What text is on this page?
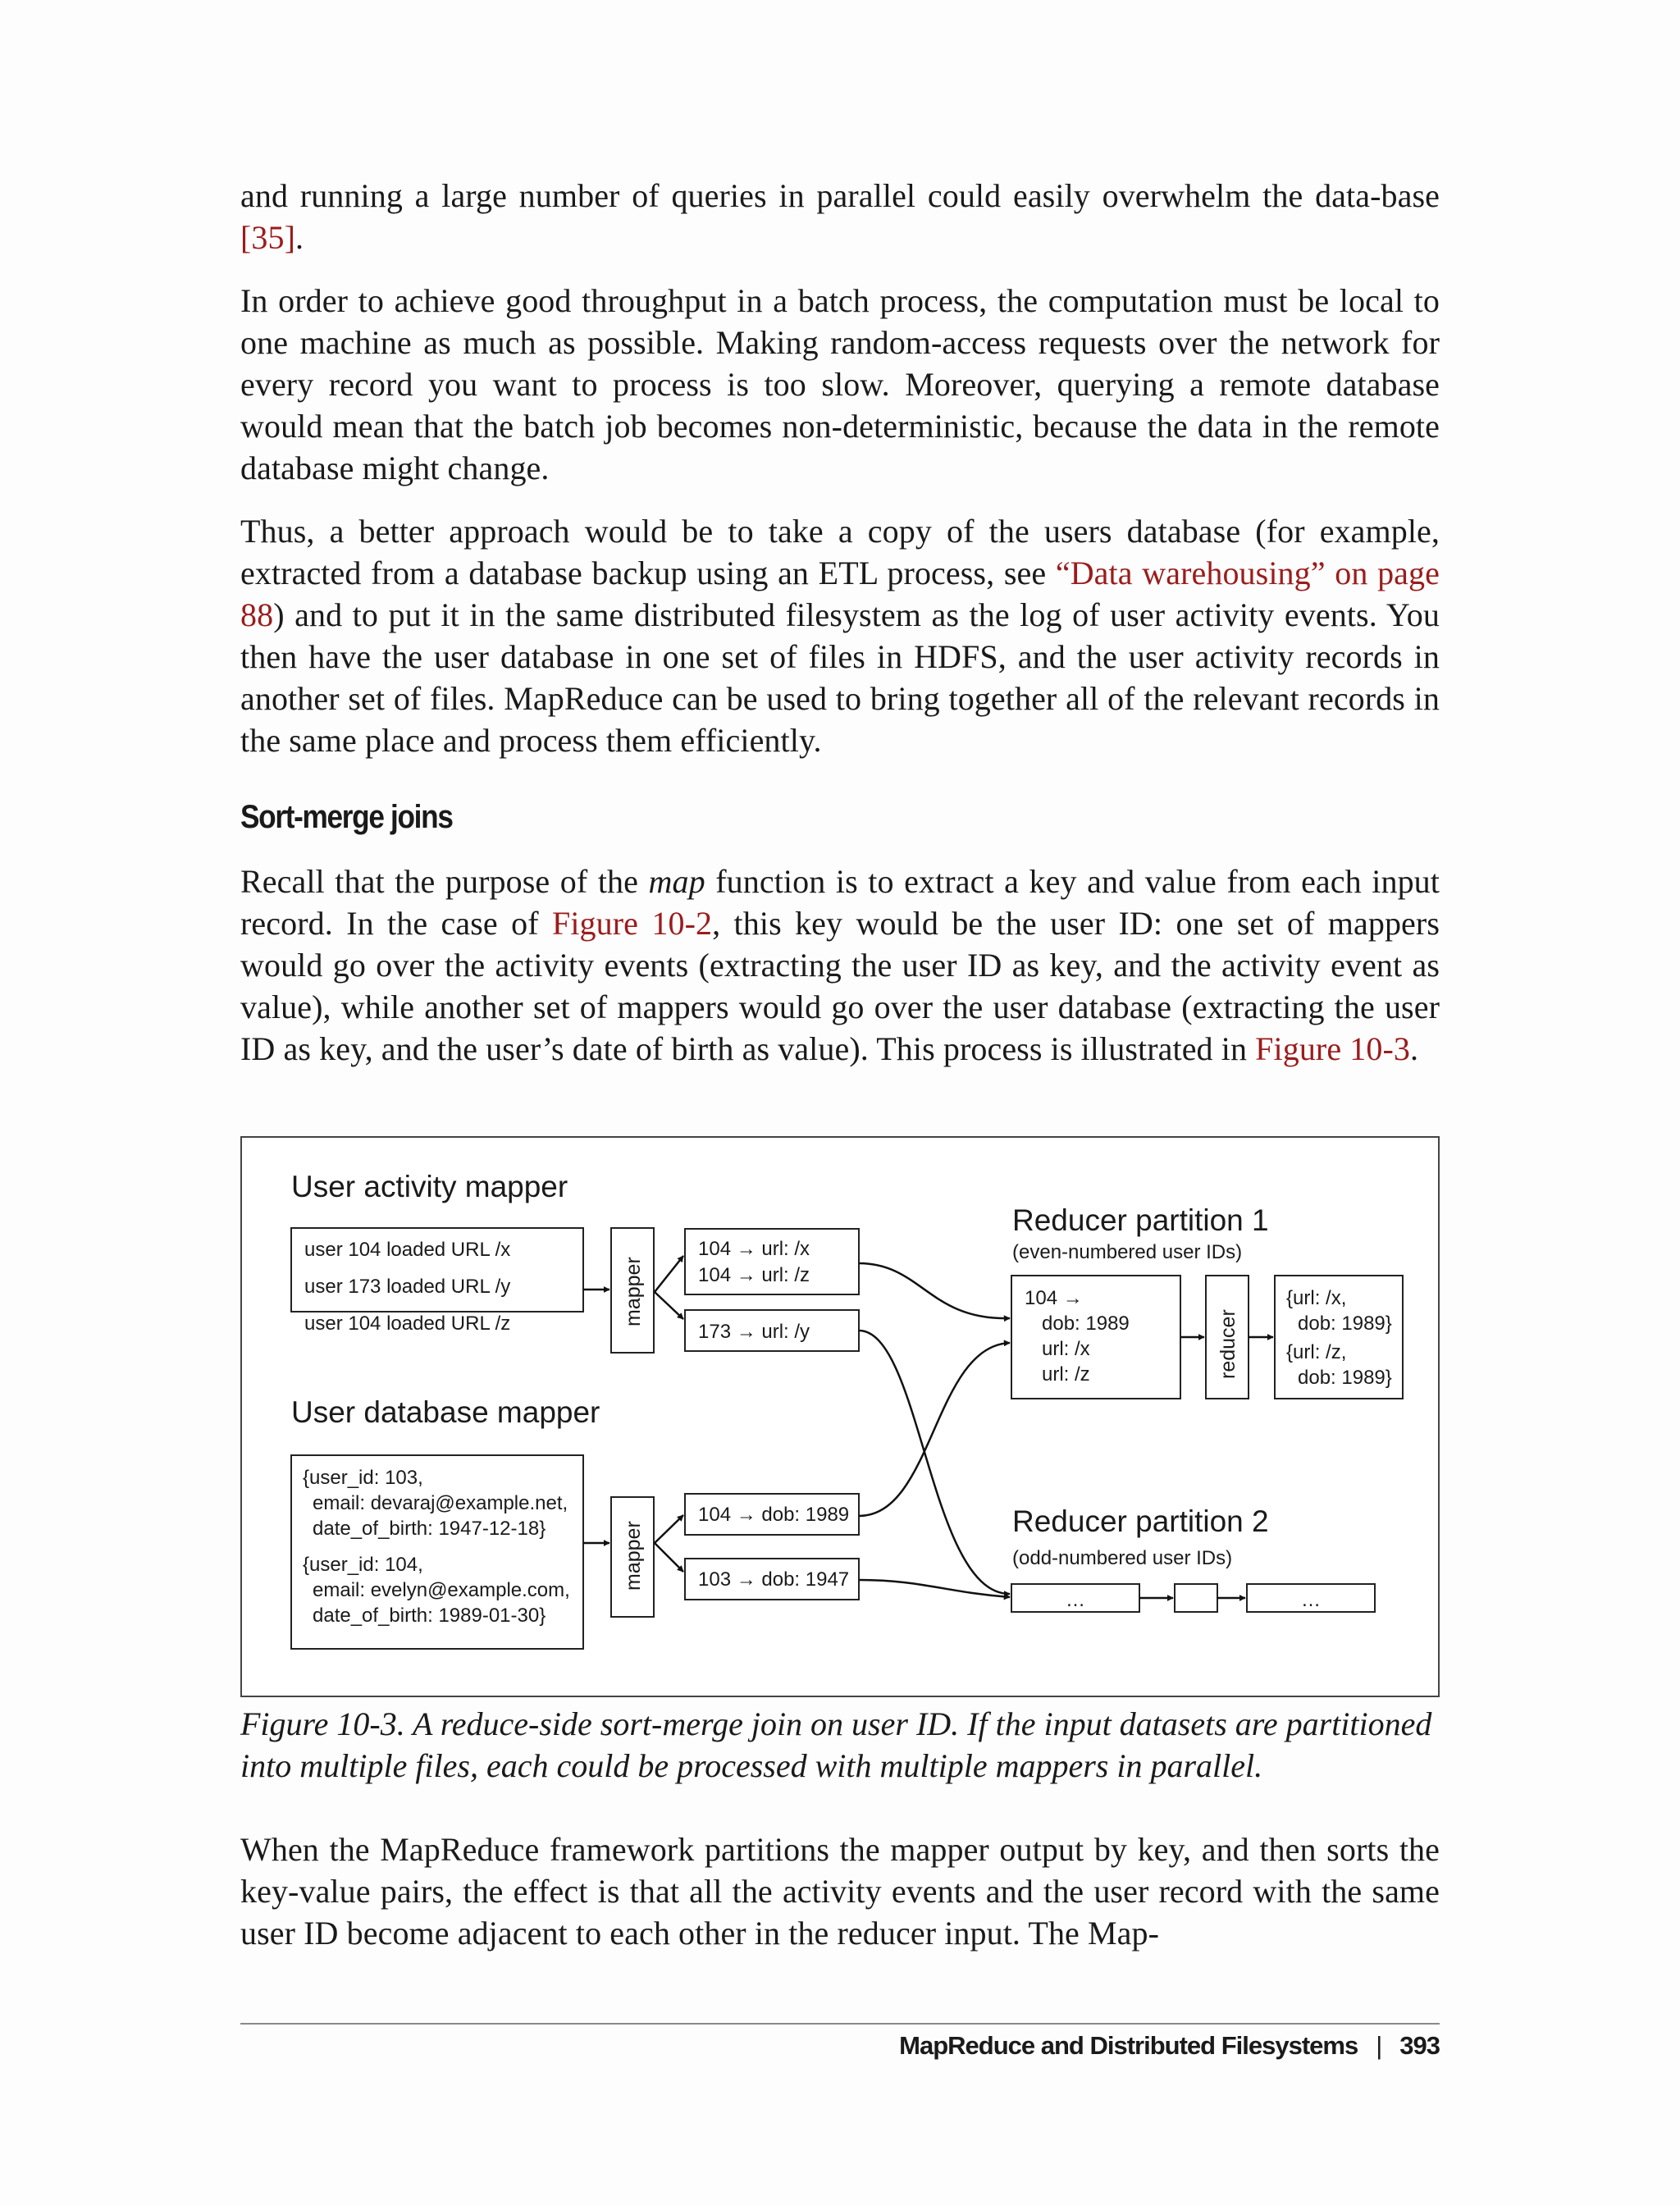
and running a large number of queries in parallel could easily overwhelm the data-base [35].

In order to achieve good throughput in a batch process, the computation must be local to one machine as much as possible. Making random-access requests over the network for every record you want to process is too slow. Moreover, querying a remote database would mean that the batch job becomes non-deterministic, because the data in the remote database might change.

Thus, a better approach would be to take a copy of the users database (for example, extracted from a database backup using an ETL process, see “Data warehousing” on page 88) and to put it in the same distributed filesystem as the log of user activity events. You then have the user database in one set of files in HDFS, and the user activity records in another set of files. MapReduce can be used to bring together all of the relevant records in the same place and process them efficiently.

Sort-merge joins

Recall that the purpose of the map function is to extract a key and value from each input record. In the case of Figure 10-2, this key would be the user ID: one set of mappers would go over the activity events (extracting the user ID as key, and the activity event as value), while another set of mappers would go over the user database (extracting the user ID as key, and the user’s date of birth as value). This process is illustrated in Figure 10-3.

User activity mapper
user 104 loaded URL /x
user 173 loaded URL /y
user 104 loaded URL /z	mapper
104 → url: /x
104 → url: /z
173 → url: /y
User database mapper
{user_id: 103,
email: devaraj@example.net,
date_of_birth: 1947-12-18}
{user_id: 104,
email: evelyn@example.com,
date_of_birth: 1989-01-30}
mapper
104 → dob: 1989
103 → dob: 1947
Reducer partition 1
(even-numbered user IDs)
104 →
dob: 1989
url: /x
url: /z	reducer
{url: /x,
dob: 1989}
{url: /z,
dob: 1989}
Reducer partition 2
(odd-numbered user IDs)
…	…

Figure 10-3. A reduce-side sort-merge join on user ID. If the input datasets are partitioned into multiple files, each could be processed with multiple mappers in parallel.

When the MapReduce framework partitions the mapper output by key, and then sorts the key-value pairs, the effect is that all the activity events and the user record with the same user ID become adjacent to each other in the reducer input. The Map-

MapReduce and Distributed Filesystems | 393
